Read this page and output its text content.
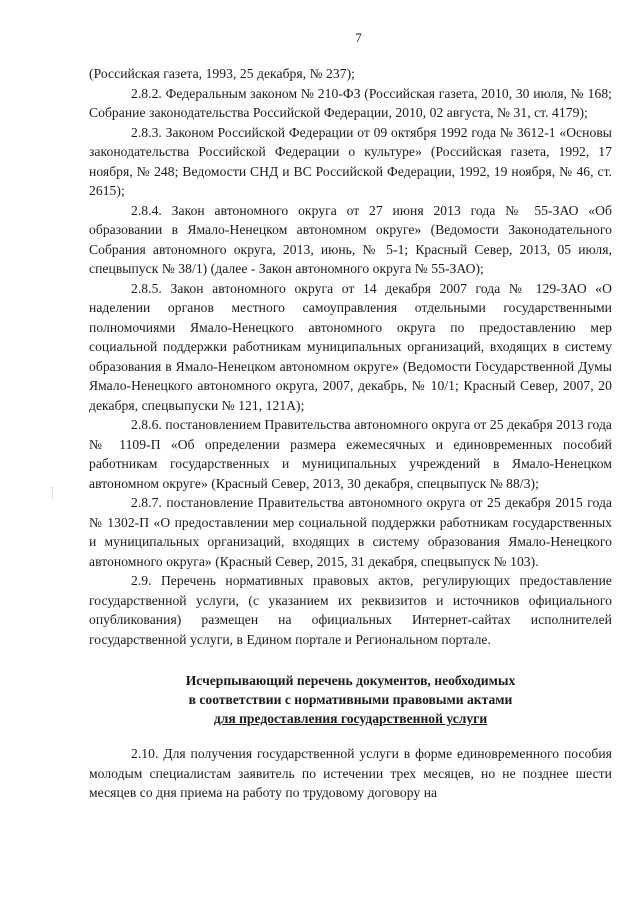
7

(Российская газета, 1993, 25 декабря, № 237);

2.8.2. Федеральным законом № 210-ФЗ (Российская газета, 2010, 30 июля, № 168; Собрание законодательства Российской Федерации, 2010, 02 августа, № 31, ст. 4179);

2.8.3. Законом Российской Федерации от 09 октября 1992 года № 3612-1 «Основы законодательства Российской Федерации о культуре» (Российская газета, 1992, 17 ноября, № 248; Ведомости СНД и ВС Российской Федерации, 1992, 19 ноября, № 46, ст. 2615);

2.8.4. Закон автономного округа от 27 июня 2013 года № 55-ЗАО «Об образовании в Ямало-Ненецком автономном округе» (Ведомости Законодательного Собрания автономного округа, 2013, июнь, № 5-1; Красный Север, 2013, 05 июля, спецвыпуск № 38/1) (далее - Закон автономного округа № 55-ЗАО);

2.8.5. Закон автономного округа от 14 декабря 2007 года № 129-ЗАО «О наделении органов местного самоуправления отдельными государственными полномочиями Ямало-Ненецкого автономного округа по предоставлению мер социальной поддержки работникам муниципальных организаций, входящих в систему образования в Ямало-Ненецком автономном округе» (Ведомости Государственной Думы Ямало-Ненецкого автономного округа, 2007, декабрь, № 10/1; Красный Север, 2007, 20 декабря, спецвыпуски № 121, 121А);

2.8.6. постановлением Правительства автономного округа от 25 декабря 2013 года № 1109-П «Об определении размера ежемесячных и единовременных пособий работникам государственных и муниципальных учреждений в Ямало-Ненецком автономном округе» (Красный Север, 2013, 30 декабря, спецвыпуск № 88/3);

2.8.7. постановление Правительства автономного округа от 25 декабря 2015 года № 1302-П «О предоставлении мер социальной поддержки работникам государственных и муниципальных организаций, входящих в систему образования Ямало-Ненецкого автономного округа» (Красный Север, 2015, 31 декабря, спецвыпуск № 103).

2.9. Перечень нормативных правовых актов, регулирующих предоставление государственной услуги, (с указанием их реквизитов и источников официального опубликования) размещен на официальных Интернет-сайтах исполнителей государственной услуги, в Едином портале и Региональном портале.

Исчерпывающий перечень документов, необходимых
в соответствии с нормативными правовыми актами
для предоставления государственной услуги

2.10. Для получения государственной услуги в форме единовременного пособия молодым специалистам заявитель по истечении трех месяцев, но не позднее шести месяцев со дня приема на работу по трудовому договору на
